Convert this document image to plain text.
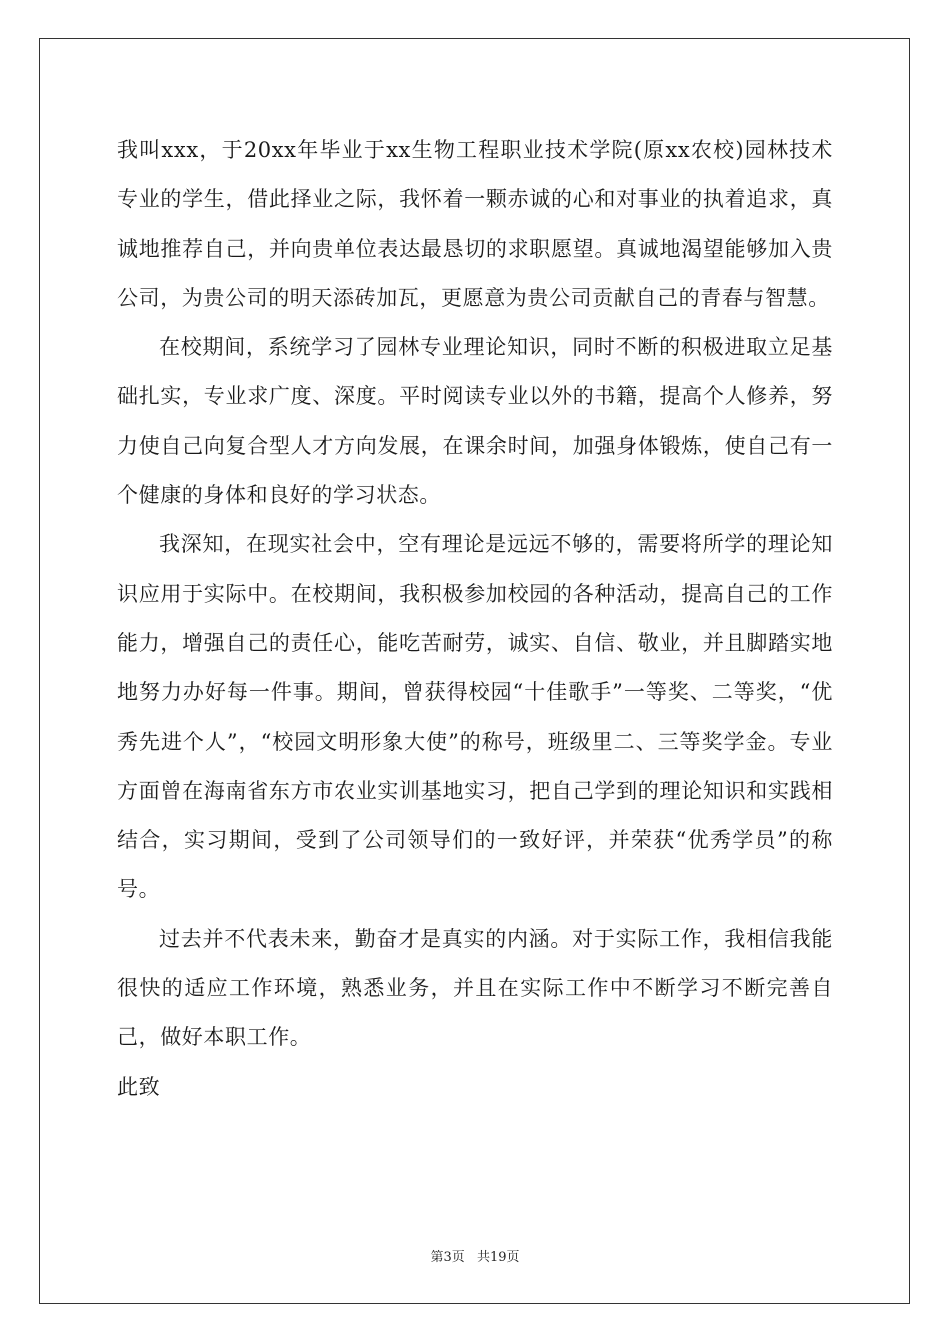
我叫xxx，于20xx年毕业于xx生物工程职业技术学院(原xx农校)园林技术专业的学生，借此择业之际，我怀着一颗赤诚的心和对事业的执着追求，真诚地推荐自己，并向贵单位表达最恳切的求职愿望。真诚地渴望能够加入贵公司，为贵公司的明天添砖加瓦，更愿意为贵公司贡献自己的青春与智慧。

在校期间，系统学习了园林专业理论知识，同时不断的积极进取立足基础扎实，专业求广度、深度。平时阅读专业以外的书籍，提高个人修养，努力使自己向复合型人才方向发展，在课余时间，加强身体锻炼，使自己有一个健康的身体和良好的学习状态。

我深知，在现实社会中，空有理论是远远不够的，需要将所学的理论知识应用于实际中。在校期间，我积极参加校园的各种活动，提高自己的工作能力，增强自己的责任心，能吃苦耐劳，诚实、自信、敬业，并且脚踏实地地努力办好每一件事。期间，曾获得校园“十佳歌手”一等奖、二等奖，“优秀先进个人”，“校园文明形象大使”的称号，班级里二、三等奖学金。专业方面曾在海南省东方市农业实训基地实习，把自己学到的理论知识和实践相结合，实习期间，受到了公司领导们的一致好评，并荣获“优秀学员”的称号。

过去并不代表未来，勤奋才是真实的内涵。对于实际工作，我相信我能很快的适应工作环境，熟悉业务，并且在实际工作中不断学习不断完善自己，做好本职工作。

此致

第3页 共19页
